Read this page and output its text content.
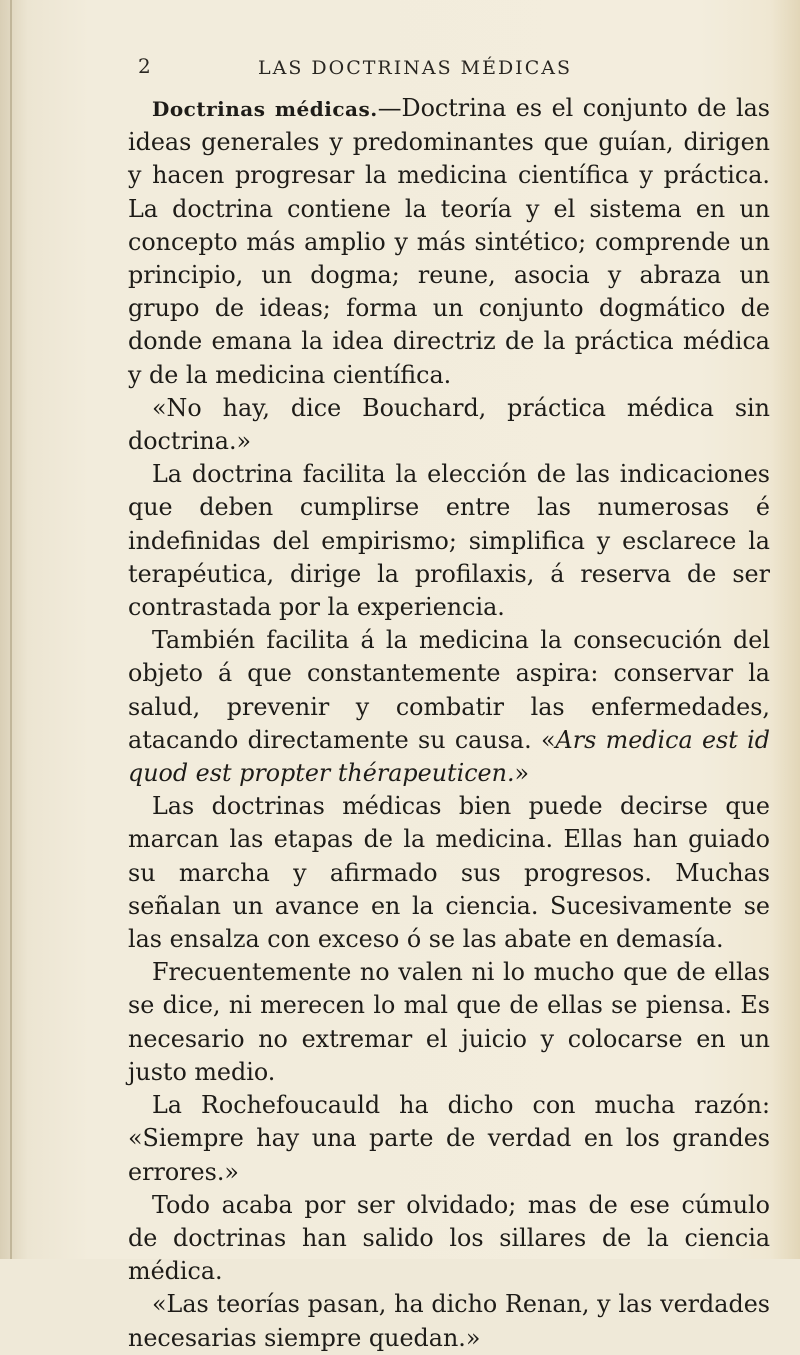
2	LAS DOCTRINAS MÉDICAS

Doctrinas médicas.—Doctrina es el conjunto de las ideas generales y predominantes que guían, dirigen y hacen progresar la medicina científica y práctica. La doctrina contiene la teoría y el sistema en un concepto más amplio y más sintético; comprende un principio, un dogma; reune, asocia y abraza un grupo de ideas; forma un conjunto dogmático de donde emana la idea directriz de la práctica médica y de la medicina científica.

«No hay, dice Bouchard, práctica médica sin doctrina.»

La doctrina facilita la elección de las indicaciones que deben cumplirse entre las numerosas é indefinidas del empirismo; simplifica y esclarece la terapéutica, dirige la profilaxis, á reserva de ser contrastada por la experiencia.

También facilita á la medicina la consecución del objeto á que constantemente aspira: conservar la salud, prevenir y combatir las enfermedades, atacando directamente su causa. «Ars medica est id quod est propter thérapeuticen.»

Las doctrinas médicas bien puede decirse que marcan las etapas de la medicina. Ellas han guiado su marcha y afirmado sus progresos. Muchas señalan un avance en la ciencia. Sucesivamente se las ensalza con exceso ó se las abate en demasía.

Frecuentemente no valen ni lo mucho que de ellas se dice, ni merecen lo mal que de ellas se piensa. Es necesario no extremar el juicio y colocarse en un justo medio.

La Rochefoucauld ha dicho con mucha razón: «Siempre hay una parte de verdad en los grandes errores.»

Todo acaba por ser olvidado; mas de ese cúmulo de doctrinas han salido los sillares de la ciencia médica.

«Las teorías pasan, ha dicho Renan, y las verdades necesarias siempre quedan.»
